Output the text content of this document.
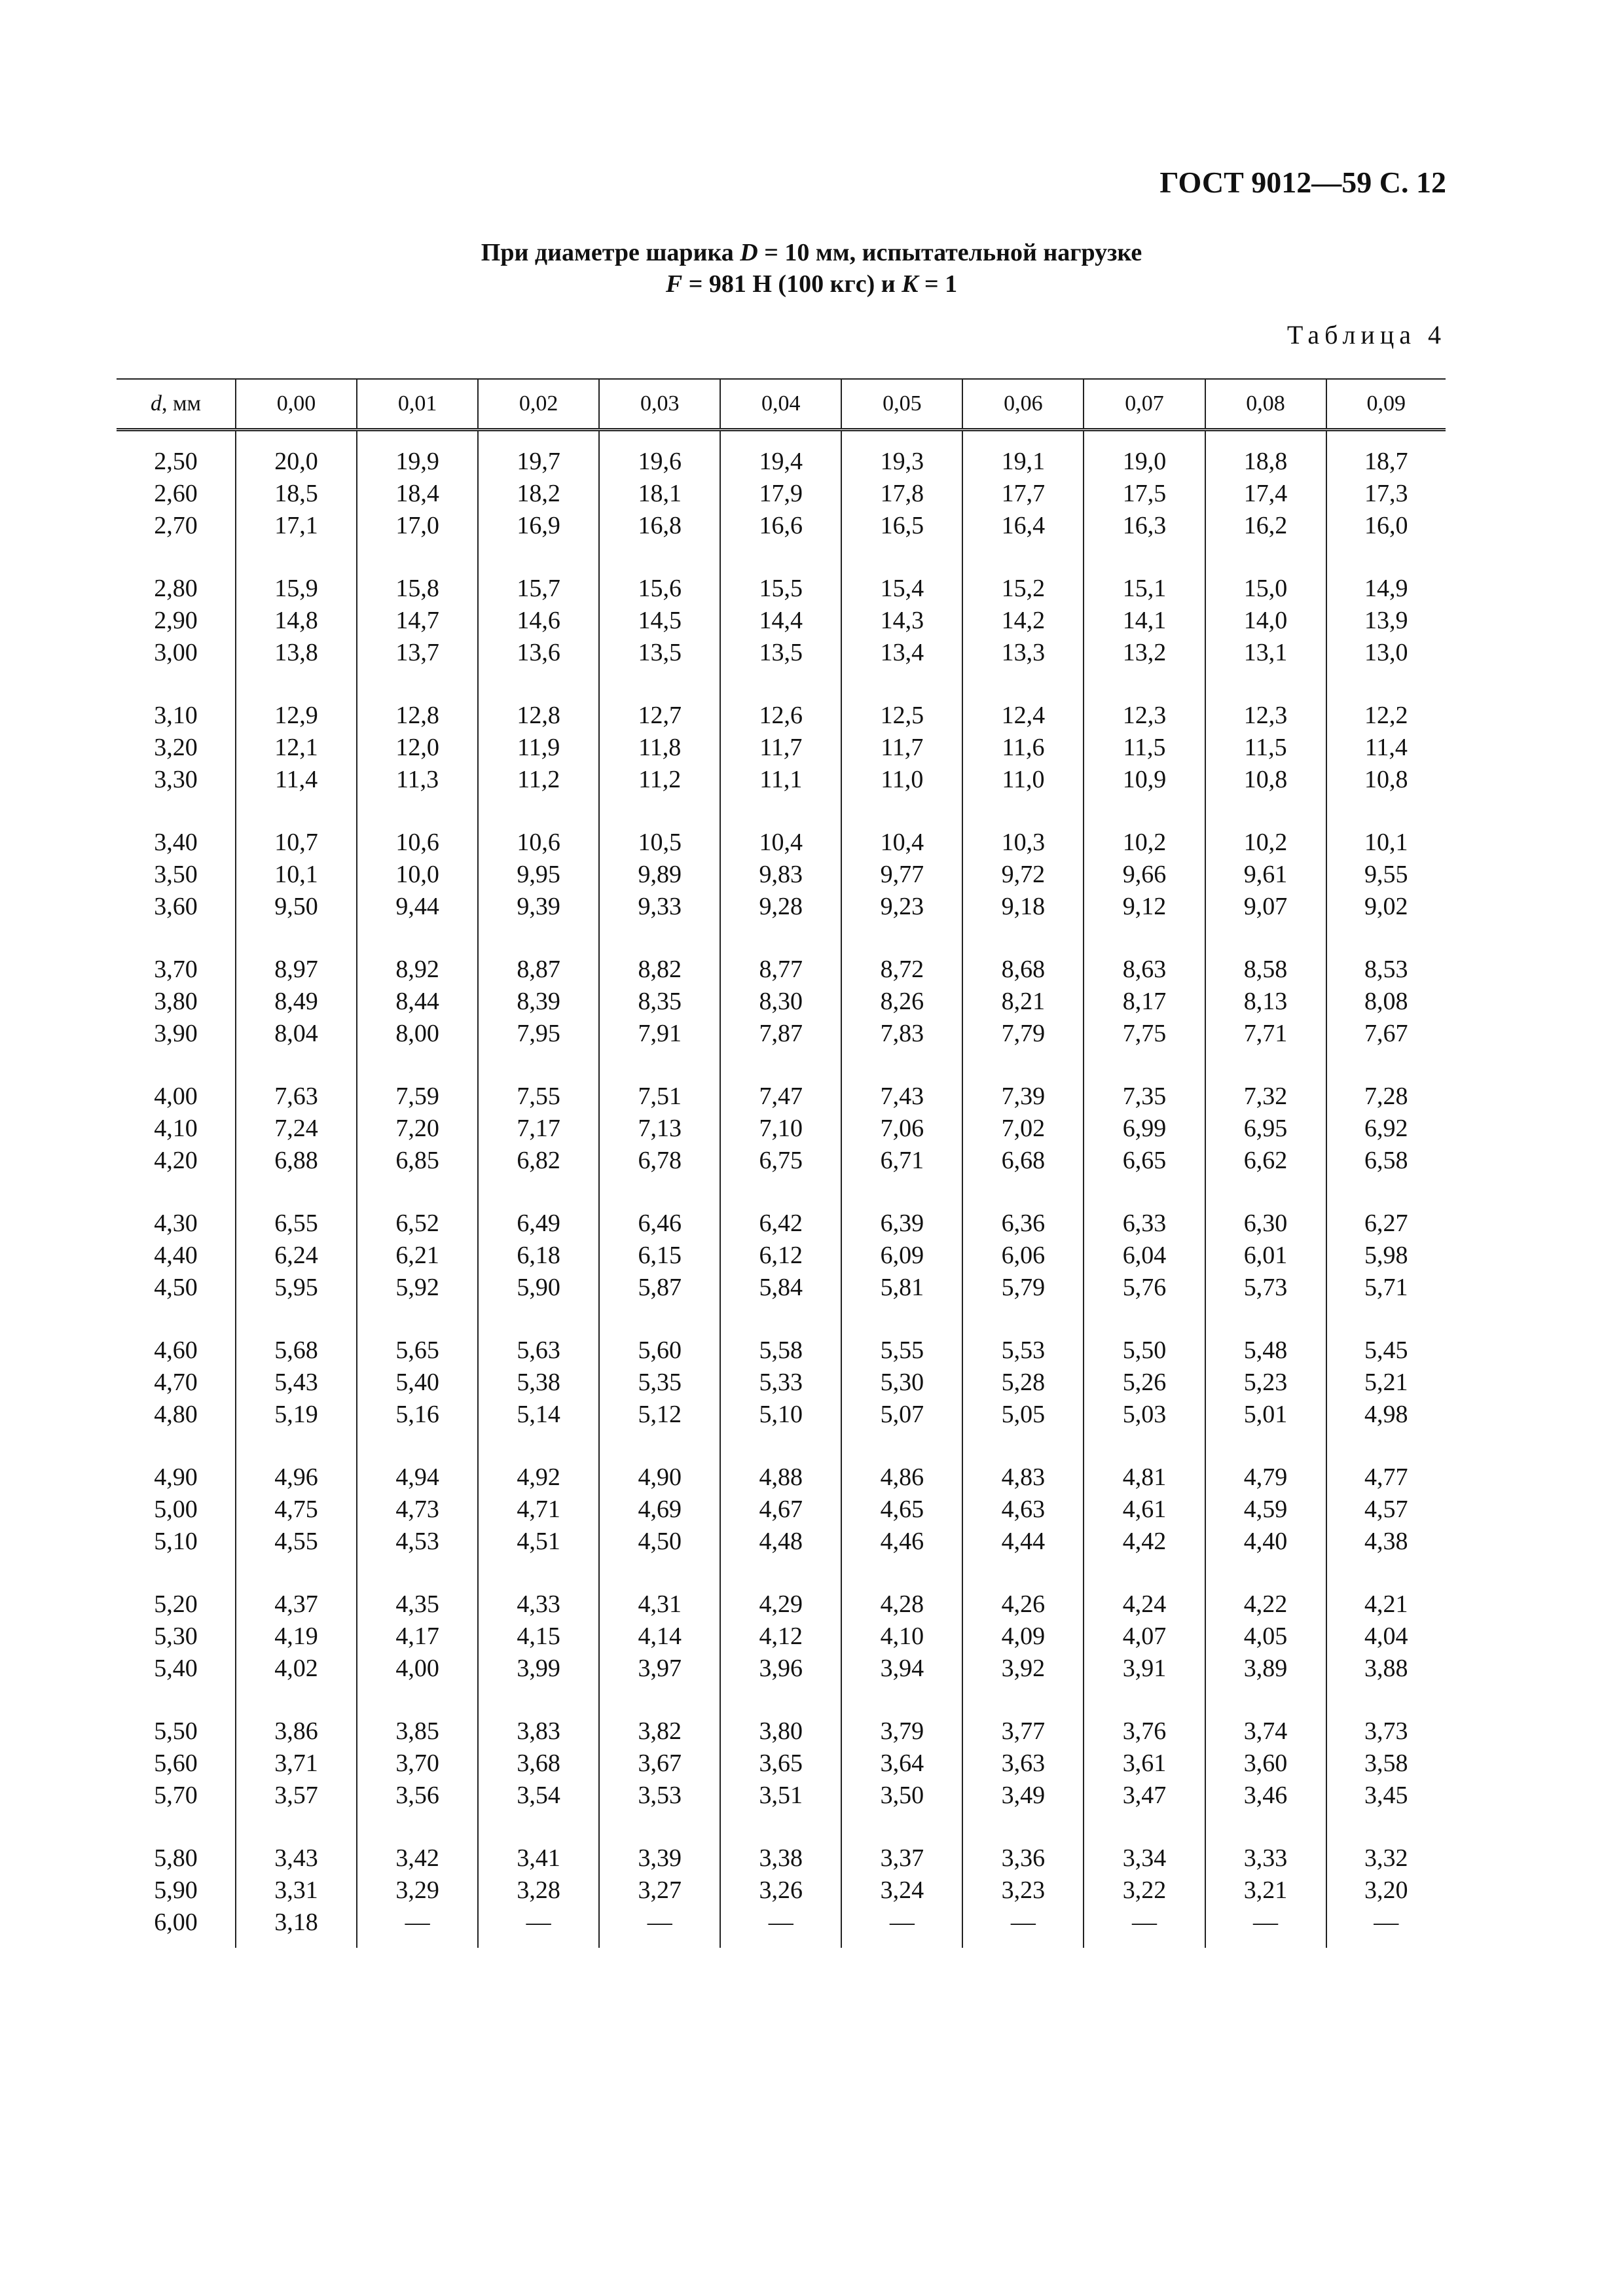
ГОСТ 9012—59 С. 12
При диаметре шарика D = 10 мм, испытательной нагрузке
F = 981 Н (100 кгс) и K = 1
Таблица 4
d, мм	0,00	0,01	0,02	0,03	0,04	0,05	0,06	0,07	0,08	0,09
2,50	20,0	19,9	19,7	19,6	19,4	19,3	19,1	19,0	18,8	18,7
2,60	18,5	18,4	18,2	18,1	17,9	17,8	17,7	17,5	17,4	17,3
2,70	17,1	17,0	16,9	16,8	16,6	16,5	16,4	16,3	16,2	16,0
2,80	15,9	15,8	15,7	15,6	15,5	15,4	15,2	15,1	15,0	14,9
2,90	14,8	14,7	14,6	14,5	14,4	14,3	14,2	14,1	14,0	13,9
3,00	13,8	13,7	13,6	13,5	13,5	13,4	13,3	13,2	13,1	13,0
3,10	12,9	12,8	12,8	12,7	12,6	12,5	12,4	12,3	12,3	12,2
3,20	12,1	12,0	11,9	11,8	11,7	11,7	11,6	11,5	11,5	11,4
3,30	11,4	11,3	11,2	11,2	11,1	11,0	11,0	10,9	10,8	10,8
3,40	10,7	10,6	10,6	10,5	10,4	10,4	10,3	10,2	10,2	10,1
3,50	10,1	10,0	9,95	9,89	9,83	9,77	9,72	9,66	9,61	9,55
3,60	9,50	9,44	9,39	9,33	9,28	9,23	9,18	9,12	9,07	9,02
3,70	8,97	8,92	8,87	8,82	8,77	8,72	8,68	8,63	8,58	8,53
3,80	8,49	8,44	8,39	8,35	8,30	8,26	8,21	8,17	8,13	8,08
3,90	8,04	8,00	7,95	7,91	7,87	7,83	7,79	7,75	7,71	7,67
4,00	7,63	7,59	7,55	7,51	7,47	7,43	7,39	7,35	7,32	7,28
4,10	7,24	7,20	7,17	7,13	7,10	7,06	7,02	6,99	6,95	6,92
4,20	6,88	6,85	6,82	6,78	6,75	6,71	6,68	6,65	6,62	6,58
4,30	6,55	6,52	6,49	6,46	6,42	6,39	6,36	6,33	6,30	6,27
4,40	6,24	6,21	6,18	6,15	6,12	6,09	6,06	6,04	6,01	5,98
4,50	5,95	5,92	5,90	5,87	5,84	5,81	5,79	5,76	5,73	5,71
4,60	5,68	5,65	5,63	5,60	5,58	5,55	5,53	5,50	5,48	5,45
4,70	5,43	5,40	5,38	5,35	5,33	5,30	5,28	5,26	5,23	5,21
4,80	5,19	5,16	5,14	5,12	5,10	5,07	5,05	5,03	5,01	4,98
4,90	4,96	4,94	4,92	4,90	4,88	4,86	4,83	4,81	4,79	4,77
5,00	4,75	4,73	4,71	4,69	4,67	4,65	4,63	4,61	4,59	4,57
5,10	4,55	4,53	4,51	4,50	4,48	4,46	4,44	4,42	4,40	4,38
5,20	4,37	4,35	4,33	4,31	4,29	4,28	4,26	4,24	4,22	4,21
5,30	4,19	4,17	4,15	4,14	4,12	4,10	4,09	4,07	4,05	4,04
5,40	4,02	4,00	3,99	3,97	3,96	3,94	3,92	3,91	3,89	3,88
5,50	3,86	3,85	3,83	3,82	3,80	3,79	3,77	3,76	3,74	3,73
5,60	3,71	3,70	3,68	3,67	3,65	3,64	3,63	3,61	3,60	3,58
5,70	3,57	3,56	3,54	3,53	3,51	3,50	3,49	3,47	3,46	3,45
5,80	3,43	3,42	3,41	3,39	3,38	3,37	3,36	3,34	3,33	3,32
5,90	3,31	3,29	3,28	3,27	3,26	3,24	3,23	3,22	3,21	3,20
6,00	3,18	—	—	—	—	—	—	—	—	—
